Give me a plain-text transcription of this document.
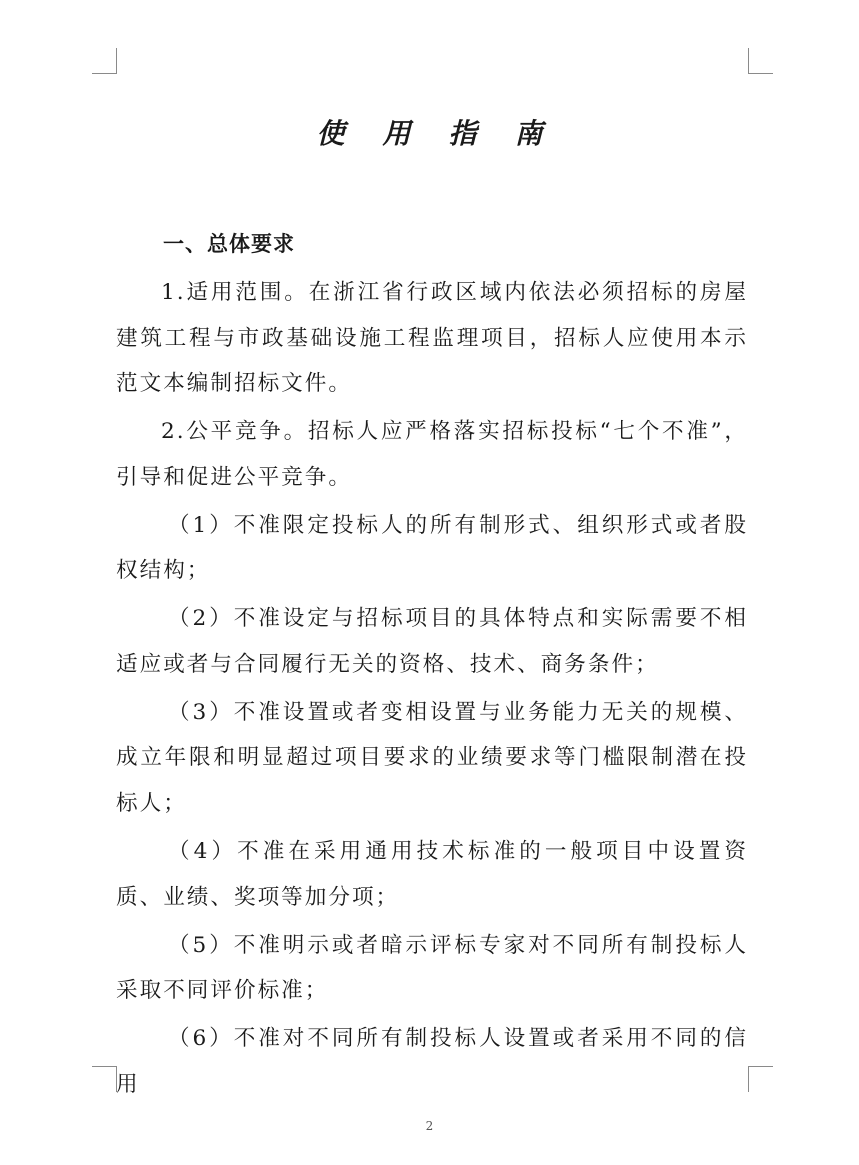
使用指南
一、总体要求

1.适用范围。在浙江省行政区域内依法必须招标的房屋建筑工程与市政基础设施工程监理项目，招标人应使用本示范文本编制招标文件。

2.公平竞争。招标人应严格落实招标投标“七个不准”，引导和促进公平竞争。

（1）不准限定投标人的所有制形式、组织形式或者股权结构；

（2）不准设定与招标项目的具体特点和实际需要不相适应或者与合同履行无关的资格、技术、商务条件；

（3）不准设置或者变相设置与业务能力无关的规模、成立年限和明显超过项目要求的业绩要求等门槛限制潜在投标人；

（4）不准在采用通用技术标准的一般项目中设置资质、业绩、奖项等加分项；

（5）不准明示或者暗示评标专家对不同所有制投标人采取不同评价标准；

（6）不准对不同所有制投标人设置或者采用不同的信用

2
